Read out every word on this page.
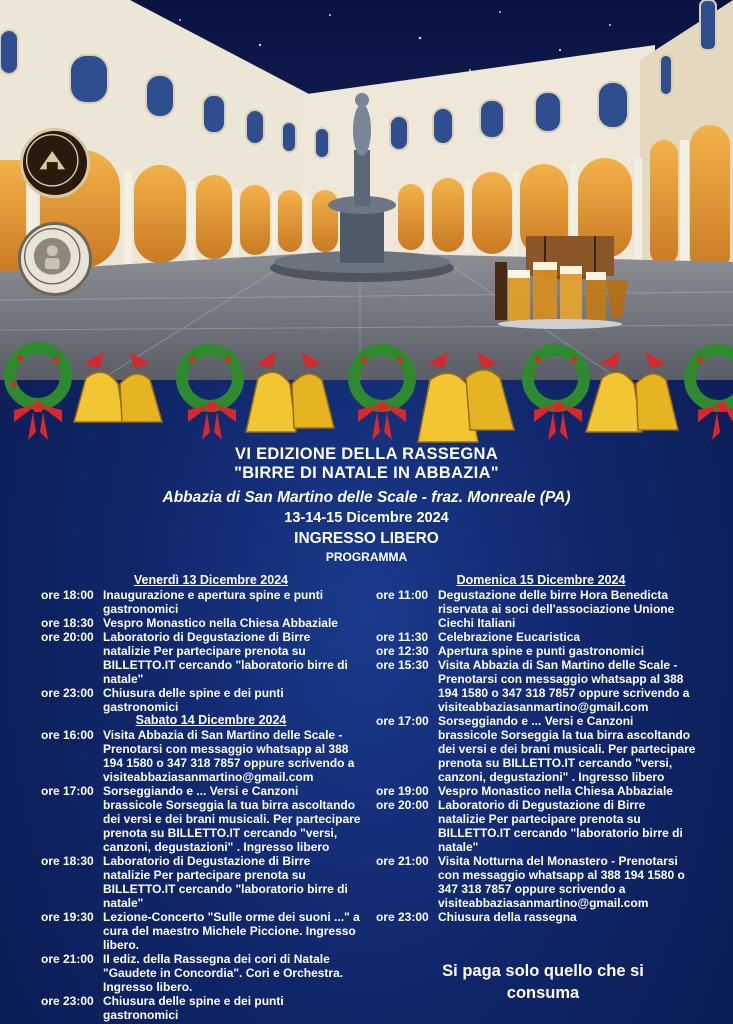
VI EDIZIONE DELLA RASSEGNA
"BIRRE DI NATALE IN ABBAZIA"
Abbazia di San Martino delle Scale - fraz. Monreale (PA)
13-14-15 Dicembre 2024
INGRESSO LIBERO
PROGRAMMA
Venerdì 13 Dicembre 2024
ore 18:00 Inaugurazione e apertura spine e punti gastronomici
ore 18:30 Vespro Monastico nella Chiesa Abbaziale
ore 20:00 Laboratorio di Degustazione di Birre natalizie Per partecipare prenota su BILLETTO.IT cercando "laboratorio birre di natale"
ore 23:00 Chiusura delle spine e dei punti gastronomici
Sabato 14 Dicembre 2024
ore 16:00 Visita Abbazia di San Martino delle Scale - Prenotarsi con messaggio whatsapp al 388 194 1580 o 347 318 7857 oppure scrivendo a visiteabbaziasanmartino@gmail.com
ore 17:00 Sorseggiando e ... Versi e Canzoni brassicole Sorseggia la tua birra ascoltando dei versi e dei brani musicali. Per partecipare prenota su BILLETTO.IT cercando "versi, canzoni, degustazioni" . Ingresso libero
ore 18:30 Laboratorio di Degustazione di Birre natalizie Per partecipare prenota su BILLETTO.IT cercando "laboratorio birre di natale"
ore 19:30 Lezione-Concerto "Sulle orme dei suoni ..." a cura del maestro Michele Piccione. Ingresso libero.
ore 21:00 II ediz. della Rassegna dei cori di Natale "Gaudete in Concordia". Cori e Orchestra. Ingresso libero.
ore 23:00 Chiusura delle spine e dei punti gastronomici
Domenica 15 Dicembre 2024
ore 11:00 Degustazione delle birre Hora Benedicta riservata ai soci dell'associazione Unione Ciechi Italiani
ore 11:30 Celebrazione Eucaristica
ore 12:30 Apertura spine e punti gastronomici
ore 15:30 Visita Abbazia di San Martino delle Scale - Prenotarsi con messaggio whatsapp al 388 194 1580 o 347 318 7857 oppure scrivendo a visiteabbaziasanmartino@gmail.com
ore 17:00 Sorseggiando e ... Versi e Canzoni brassicole Sorseggia la tua birra ascoltando dei versi e dei brani musicali. Per partecipare prenota su BILLETTO.IT cercando "versi, canzoni, degustazioni" . Ingresso libero
ore 19:00 Vespro Monastico nella Chiesa Abbaziale
ore 20:00 Laboratorio di Degustazione di Birre natalizie Per partecipare prenota su BILLETTO.IT cercando "laboratorio birre di natale"
ore 21:00 Visita Notturna del Monastero - Prenotarsi con messaggio whatsapp al 388 194 1580 o 347 318 7857 oppure scrivendo a visiteabbaziasanmartino@gmail.com
ore 23:00 Chiusura della rassegna
Si paga solo quello che si consuma
